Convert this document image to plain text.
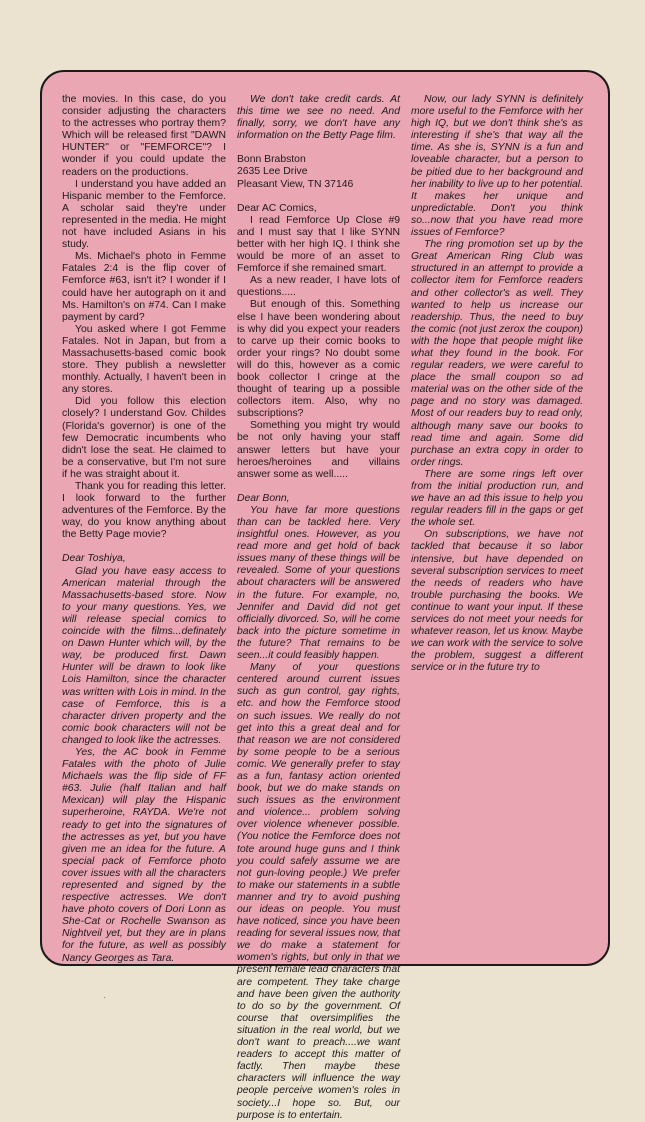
the movies. In this case, do you consider adjusting the characters to the actresses who portray them? Which will be released first "DAWN HUNTER" or "FEMFORCE"? I wonder if you could update the readers on the productions.

I understand you have added an Hispanic member to the Femforce. A scholar said they're under represented in the media. He might not have included Asians in his study.

Ms. Michael's photo in Femme Fatales 2:4 is the flip cover of Femforce #63, isn't it? I wonder if I could have her autograph on it and Ms. Hamilton's on #74. Can I make payment by card?

You asked where I got Femme Fatales. Not in Japan, but from a Massachusetts-based comic book store. They publish a newsletter monthly. Actually, I haven't been in any stores.

Did you follow this election closely? I understand Gov. Childes (Florida's governor) is one of the few Democratic incumbents who didn't lose the seat. He claimed to be a conservative, but I'm not sure if he was straight about it.

Thank you for reading this letter. I look forward to the further adventures of the Femforce. By the way, do you know anything about the Betty Page movie?

Dear Toshiya,

Glad you have easy access to American material through the Massachusetts-based store. Now to your many questions. Yes, we will release special comics to coincide with the films...definately on Dawn Hunter which will, by the way, be produced first. Dawn Hunter will be drawn to look like Lois Hamilton, since the character was written with Lois in mind. In the case of Femforce, this is a character driven property and the comic book characters will not be changed to look like the actresses.

Yes, the AC book in Femme Fatales with the photo of Julie Michaels was the flip side of FF #63. Julie (half Italian and half Mexican) will play the Hispanic superheroine, RAYDA. We're not ready to get into the signatures of the actresses as yet, but you have given me an idea for the future. A special pack of Femforce photo cover issues with all the characters represented and signed by the respective actresses. We don't have photo covers of Dori Lonn as She-Cat or Rochelle Swanson as Nightveil yet, but they are in plans for the future, as well as possibly Nancy Georges as Tara.

We don't take credit cards. At this time we see no need. And finally, sorry, we don't have any information on the Betty Page film.

Bonn Brabston

2635 Lee Drive

Pleasant View, TN 37146

Dear AC Comics,

I read Femforce Up Close #9 and I must say that I like SYNN better with her high IQ. I think she would be more of an asset to Femforce if she remained smart.

As a new reader, I have lots of questions.....

But enough of this. Something else I have been wondering about is why did you expect your readers to carve up their comic books to order your rings? No doubt some will do this, however as a comic book collector I cringe at the thought of tearing up a possible collectors item. Also, why no subscriptions?

Something you might try would be not only having your staff answer letters but have your heroes/heroines and villains answer some as well.....

Dear Bonn,

You have far more questions than can be tackled here. Very insightful ones. However, as you read more and get hold of back issues many of these things will be revealed. Some of your questions about characters will be answered in the future. For example, no, Jennifer and David did not get officially divorced. So, will he come back into the picture sometime in the future? That remains to be seen...it could feasibly happen.

Many of your questions centered around current issues such as gun control, gay rights, etc. and how the Femforce stood on such issues. We really do not get into this a great deal and for that reason we are not considered by some people to be a serious comic. We generally prefer to stay as a fun, fantasy action oriented book, but we do make stands on such issues as the environment and violence... problem solving over violence whenever possible. (You notice the Femforce does not tote around huge guns and I think you could safely assume we are not gun-loving people.) We prefer to make our statements in a subtle manner and try to avoid pushing our ideas on people. You must have noticed, since you have been reading for several issues now, that we do make a statement for women's rights, but only in that we present female lead characters that are competent. They take charge and have been given the authority to do so by the government. Of course that oversimplifies the situation in the real world, but we don't want to preach....we want readers to accept this matter of factly. Then maybe these characters will influence the way people perceive women's roles in society...I hope so. But, our purpose is to entertain.

Now, our lady SYNN is definitely more useful to the Femforce with her high IQ, but we don't think she's as interesting if she's that way all the time. As she is, SYNN is a fun and loveable character, but a person to be pitied due to her background and her inability to live up to her potential. It makes her unique and unpredictable. Don't you think so...now that you have read more issues of Femforce?

The ring promotion set up by the Great American Ring Club was structured in an attempt to provide a collector item for Femforce readers and other collector's as well. They wanted to help us increase our readership. Thus, the need to buy the comic (not just zerox the coupon) with the hope that people might like what they found in the book. For regular readers, we were careful to place the small coupon so ad material was on the other side of the page and no story was damaged. Most of our readers buy to read only, although many save our books to read time and again. Some did purchase an extra copy in order to order rings.

There are some rings left over from the initial production run, and we have an ad this issue to help you regular readers fill in the gaps or get the whole set.

On subscriptions, we have not tackled that because it so labor intensive, but have depended on several subscription services to meet the needs of readers who have trouble purchasing the books. We continue to want your input. If these services do not meet your needs for whatever reason, let us know. Maybe we can work with the service to solve the problem, suggest a different service or in the future try to

·
